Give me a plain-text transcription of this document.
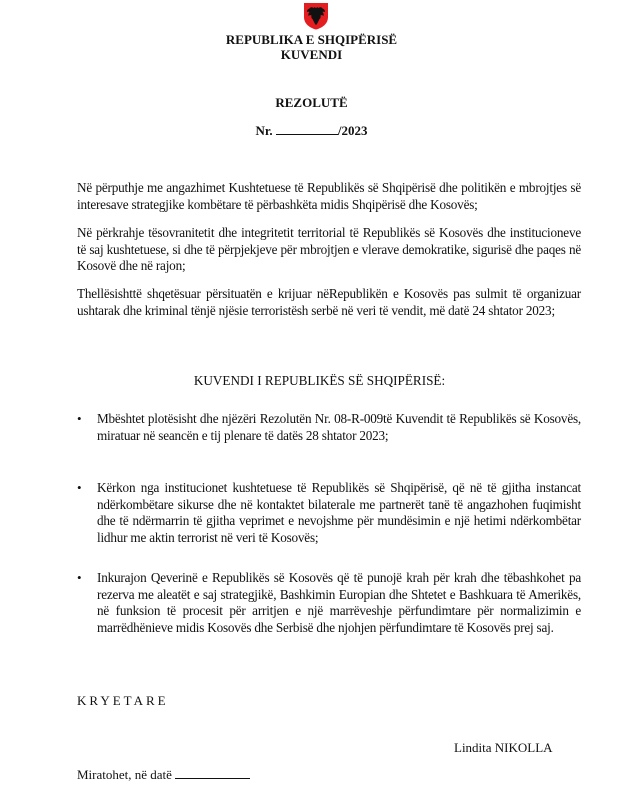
REPUBLIKA E SHQIPËRISË
KUVENDI
REZOLUTË
Nr.	/2023
Në përputhje me angazhimet Kushtetuese të Republikës së Shqipërisë dhe politikën e mbrojtjes së interesave strategjike kombëtare të përbashkëta midis Shqipërisë dhe Kosovës;
Në përkrahje tësovranitetit dhe integritetit territorial të Republikës së Kosovës dhe institucioneve të saj kushtetuese, si dhe të përpjekjeve për mbrojtjen e vlerave demokratike, sigurisë dhe paqes në Kosovë dhe në rajon;
Thellësishttë shqetësuar përsituatën e krijuar nëRepublikën e Kosovës pas sulmit të organizuar ushtarak dhe kriminal tënjë njësie terroristësh serbë në veri të vendit, më datë 24 shtator 2023;
KUVENDI I REPUBLIKËS SË SHQIPËRISË:
•	Mbështet plotësisht dhe njëzëri Rezolutën Nr. 08-R-009të Kuvendit të Republikës së Kosovës, miratuar në seancën e tij plenare të datës 28 shtator 2023;
•	Kërkon nga institucionet kushtetuese të Republikës së Shqipërisë, që në të gjitha instancat ndërkombëtare sikurse dhe në kontaktet bilaterale me partnerët tanë të angazhohen fuqimisht dhe të ndërmarrin të gjitha veprimet e nevojshme për mundësimin e një hetimi ndërkombëtar lidhur me aktin terrorist në veri të Kosovës;
•	Inkurajon Qeverinë e Republikës së Kosovës që të punojë krah për krah dhe tëbashkohet pa rezerva me aleatët e saj strategjikë, Bashkimin Europian dhe Shtetet e Bashkuara të Amerikës, në funksion të procesit për arritjen e një marrëveshje përfundimtare për normalizimin e marrëdhënieve midis Kosovës dhe Serbisë dhe njohjen përfundimtare të Kosovës prej saj.
KRYETARE
Lindita NIKOLLA
Miratohet, në datë
